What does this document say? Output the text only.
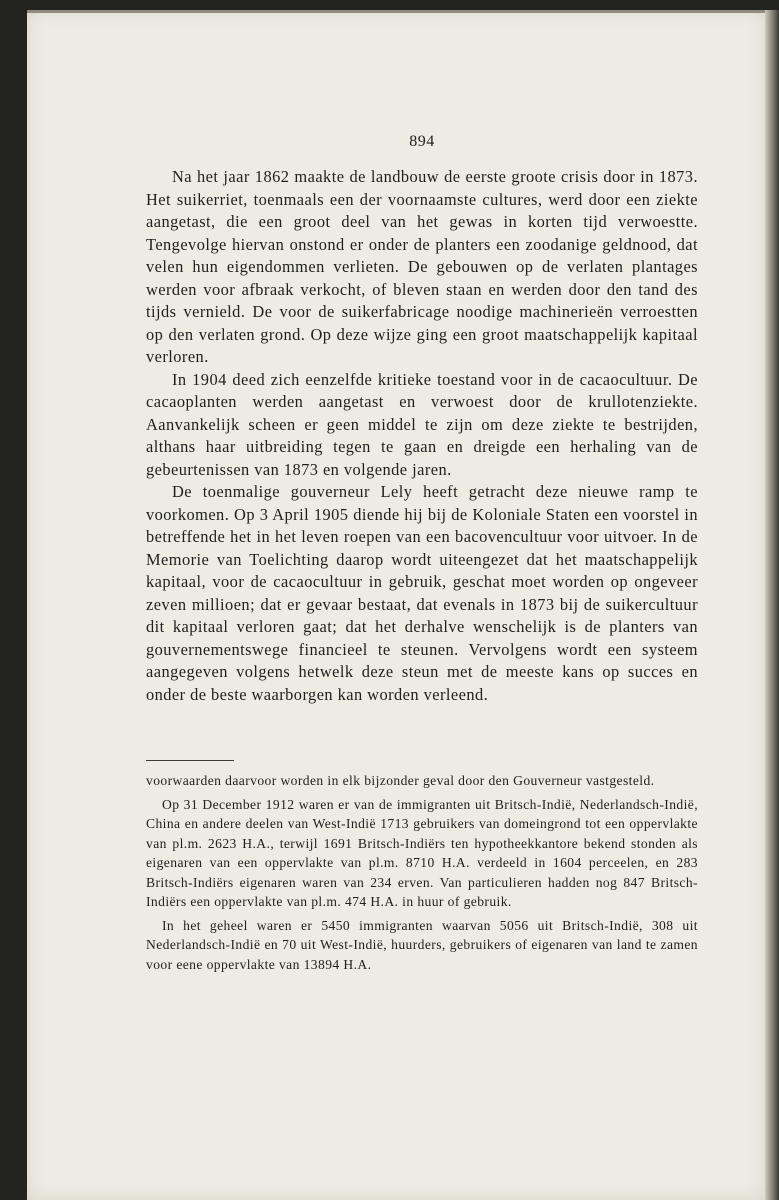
894

Na het jaar 1862 maakte de landbouw de eerste groote crisis door in 1873. Het suikerriet, toenmaals een der voornaamste cultures, werd door een ziekte aangetast, die een groot deel van het gewas in korten tijd verwoestte. Tengevolge hiervan onstond er onder de planters een zoodanige geldnood, dat velen hun eigendommen verlieten. De gebouwen op de verlaten plantages werden voor afbraak verkocht, of bleven staan en werden door den tand des tijds vernield. De voor de suikerfabricage noodige machinerieën verroestten op den verlaten grond. Op deze wijze ging een groot maatschappelijk kapitaal verloren.

In 1904 deed zich eenzelfde kritieke toestand voor in de cacaocultuur. De cacaoplanten werden aangetast en verwoest door de krullotenziekte. Aanvankelijk scheen er geen middel te zijn om deze ziekte te bestrijden, althans haar uitbreiding tegen te gaan en dreigde een herhaling van de gebeurtenissen van 1873 en volgende jaren.

De toenmalige gouverneur Lely heeft getracht deze nieuwe ramp te voorkomen. Op 3 April 1905 diende hij bij de Koloniale Staten een voorstel in betreffende het in het leven roepen van een bacovencultuur voor uitvoer. In de Memorie van Toelichting daarop wordt uiteengezet dat het maatschappelijk kapitaal, voor de cacaocultuur in gebruik, geschat moet worden op ongeveer zeven millioen; dat er gevaar bestaat, dat evenals in 1873 bij de suikercultuur dit kapitaal verloren gaat; dat het derhalve wenschelijk is de planters van gouvernementswege financieel te steunen. Vervolgens wordt een systeem aangegeven volgens hetwelk deze steun met de meeste kans op succes en onder de beste waarborgen kan worden verleend.

voorwaarden daarvoor worden in elk bijzonder geval door den Gouverneur vastgesteld.

Op 31 December 1912 waren er van de immigranten uit Britsch-Indië, Nederlandsch-Indië, China en andere deelen van West-Indië 1713 gebruikers van domeingrond tot een oppervlakte van pl.m. 2623 H.A., terwijl 1691 Britsch-Indiërs ten hypotheekkantore bekend stonden als eigenaren van een oppervlakte van pl.m. 8710 H.A. verdeeld in 1604 perceelen, en 283 Britsch-Indiërs eigenaren waren van 234 erven. Van particulieren hadden nog 847 Britsch-Indiërs een oppervlakte van pl.m. 474 H.A. in huur of gebruik.

In het geheel waren er 5450 immigranten waarvan 5056 uit Britsch-Indië, 308 uit Nederlandsch-Indië en 70 uit West-Indië, huurders, gebruikers of eigenaren van land te zamen voor eene oppervlakte van 13894 H.A.
